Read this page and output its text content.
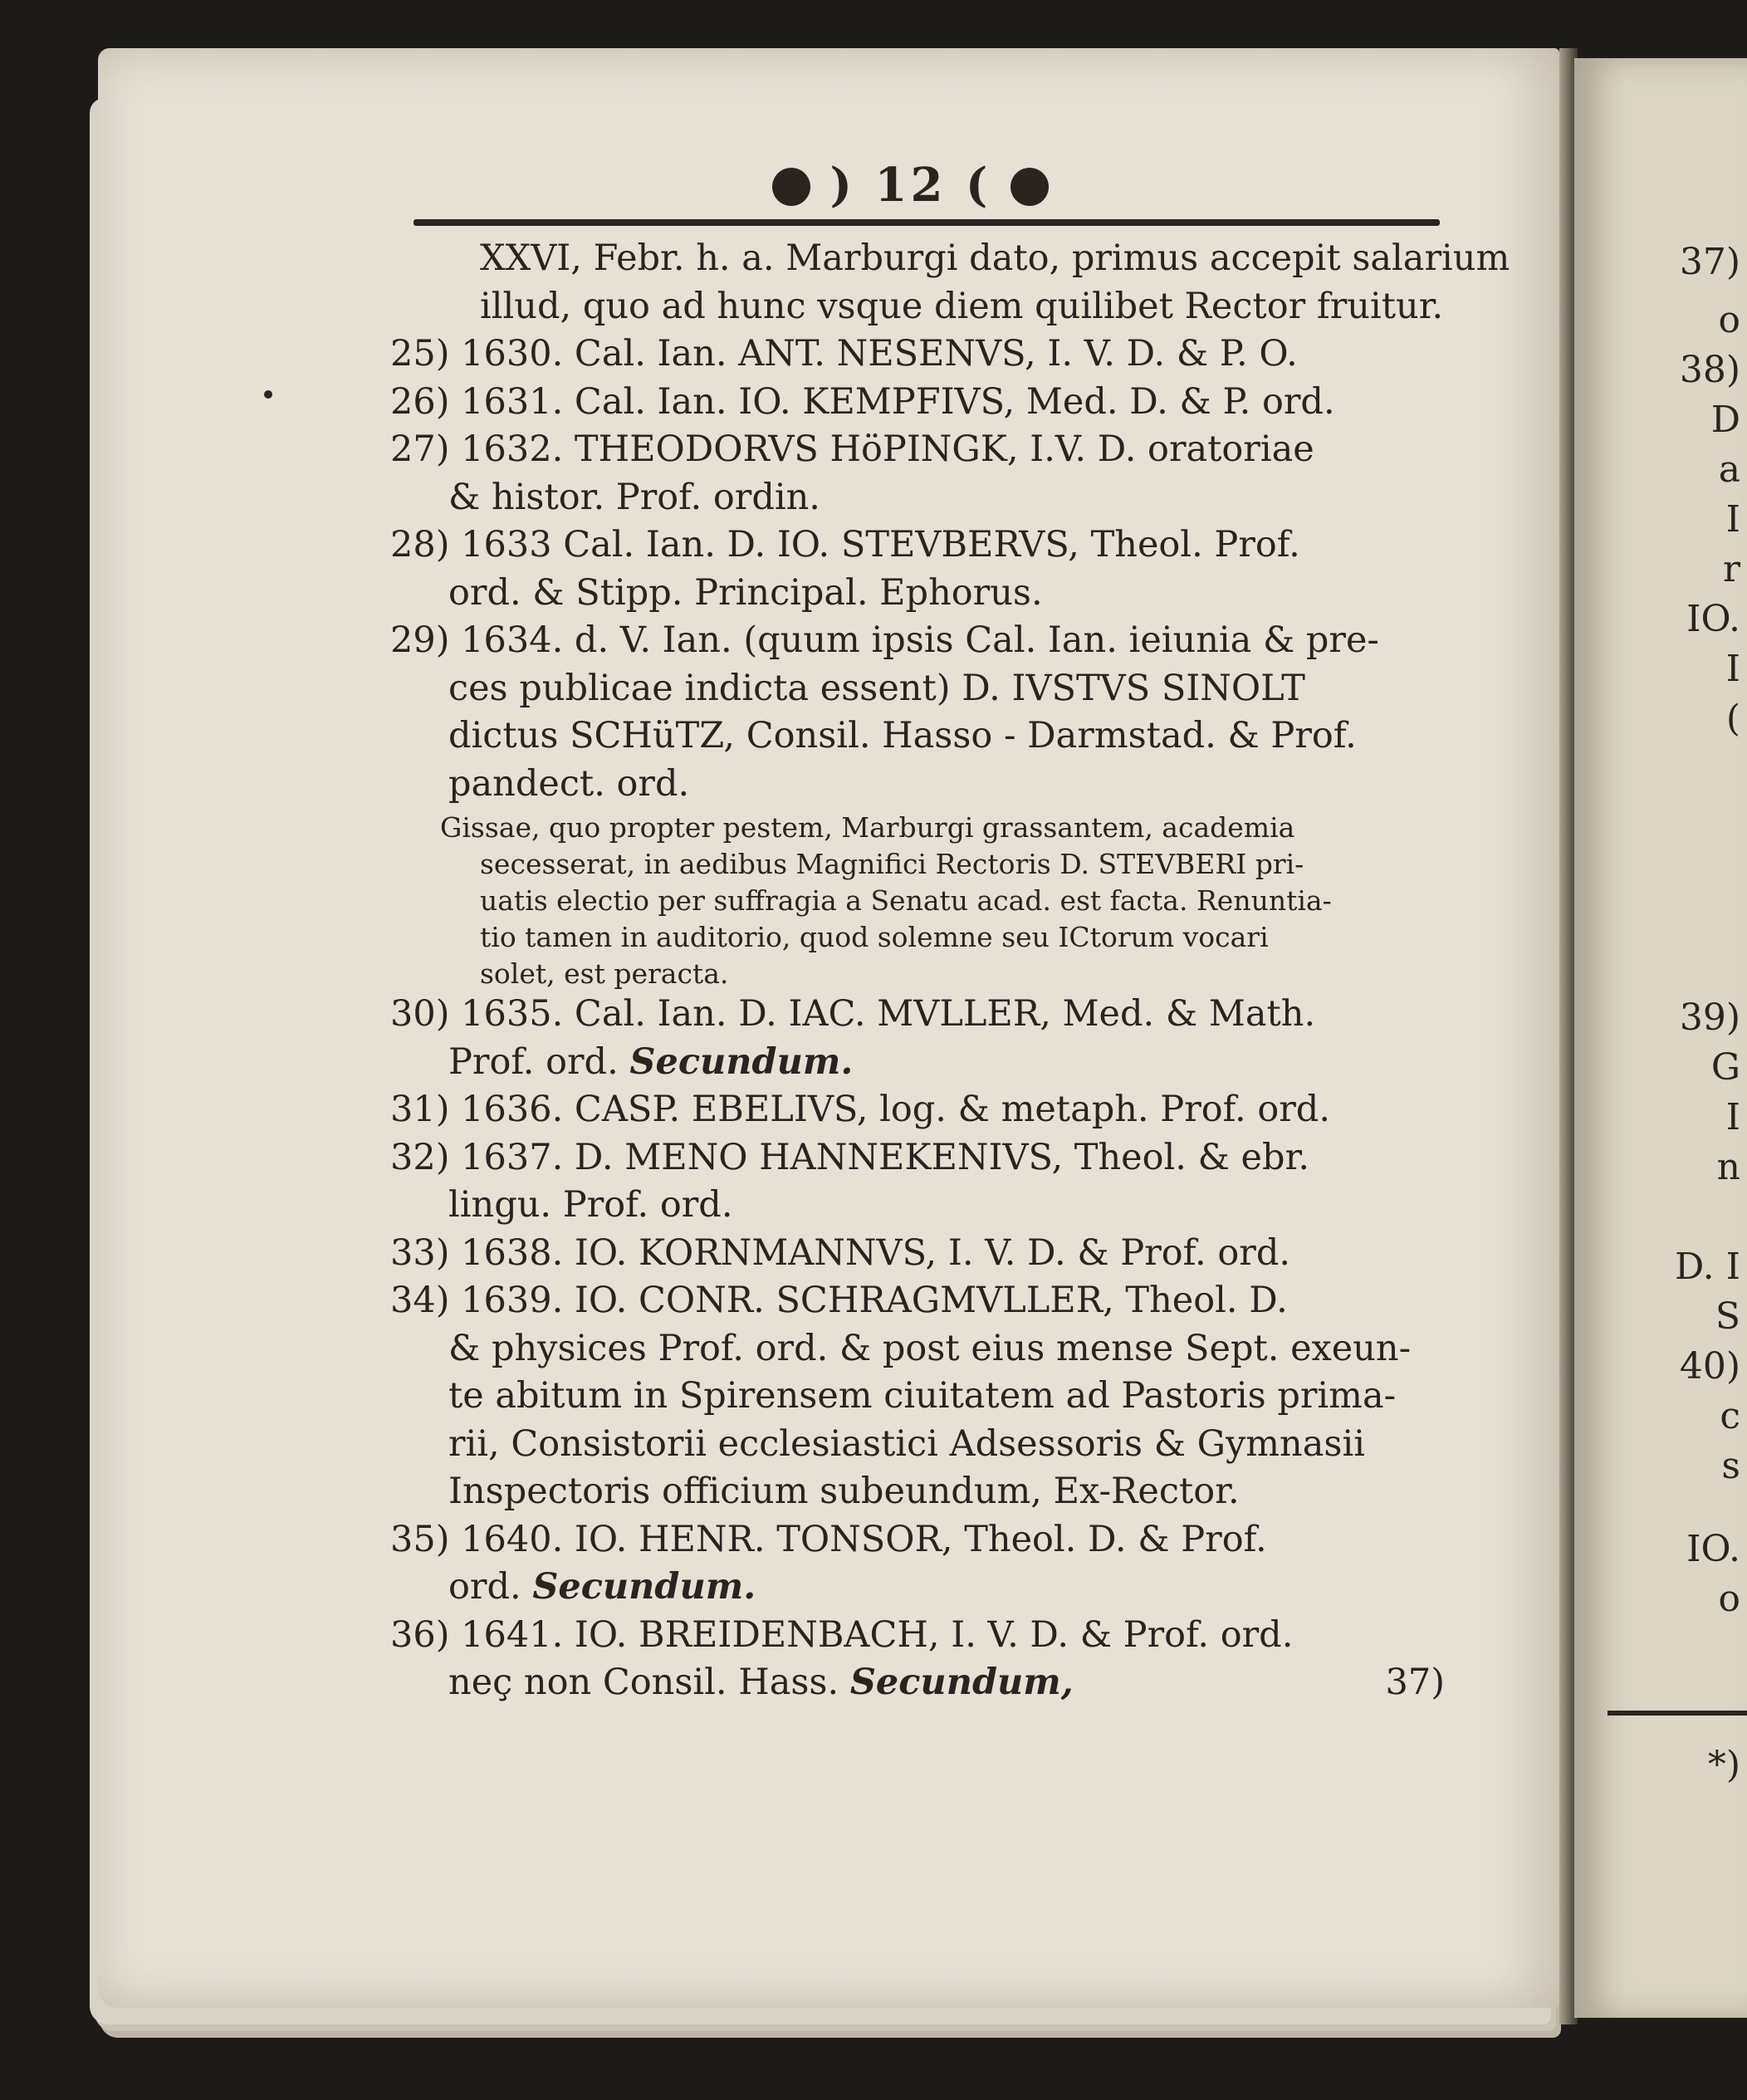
37)
o
38)
D
a
I
r
IO.
I
(
39)
G
I
n
D. I
S
40)
c
s
IO.
o
*)
) 12 (
XXVI, Febr. h. a. Marburgi dato, primus accepit salarium
illud, quo ad hunc vsque diem quilibet Rector fruitur.
25) 1630. Cal. Ian. ANT. NESENVS, I. V. D. & P. O.
26) 1631. Cal. Ian. IO. KEMPFIVS, Med. D. & P. ord.
27) 1632. THEODORVS HöPINGK, I.V. D. oratoriae
& histor. Prof. ordin.
28) 1633 Cal. Ian. D. IO. STEVBERVS, Theol. Prof.
ord. & Stipp. Principal. Ephorus.
29) 1634. d. V. Ian. (quum ipsis Cal. Ian. ieiunia & pre-
ces publicae indicta essent) D. IVSTVS SINOLT
dictus SCHüTZ, Consil. Hasso - Darmstad. & Prof.
pandect. ord.
Gissae, quo propter pestem, Marburgi grassantem, academia
secesserat, in aedibus Magnifici Rectoris D. STEVBERI pri-
uatis electio per suffragia a Senatu acad. est facta. Renuntia-
tio tamen in auditorio, quod solemne seu ICtorum vocari
solet, est peracta.
30) 1635. Cal. Ian. D. IAC. MVLLER, Med. & Math.
Prof. ord. Secundum.
31) 1636. CASP. EBELIVS, log. & metaph. Prof. ord.
32) 1637. D. MENO HANNEKENIVS, Theol. & ebr.
lingu. Prof. ord.
33) 1638. IO. KORNMANNVS, I. V. D. & Prof. ord.
34) 1639. IO. CONR. SCHRAGMVLLER, Theol. D.
& physices Prof. ord. & post eius mense Sept. exeun-
te abitum in Spirensem ciuitatem ad Pastoris prima-
rii, Consistorii ecclesiastici Adsessoris & Gymnasii
Inspectoris officium subeundum, Ex-Rector.
35) 1640. IO. HENR. TONSOR, Theol. D. & Prof.
ord. Secundum.
36) 1641. IO. BREIDENBACH, I. V. D. & Prof. ord.
neç non Consil. Hass. Secundum,	37)
